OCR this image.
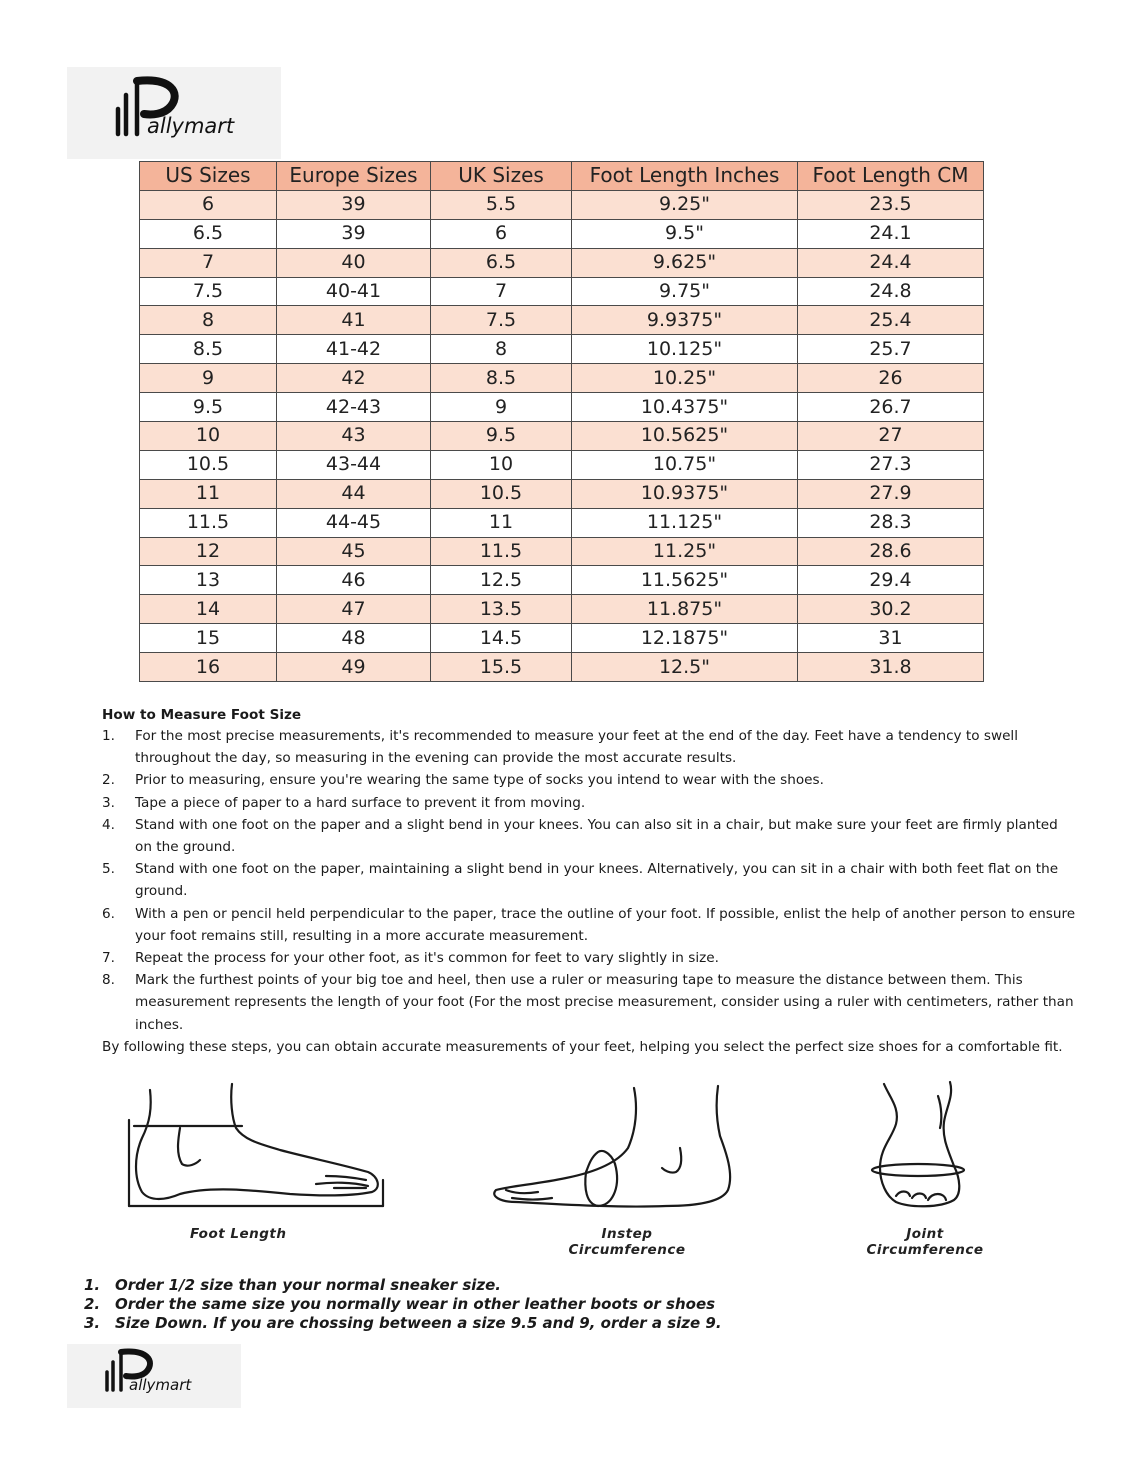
allymart
US Sizes	Europe Sizes	UK Sizes	Foot Length Inches	Foot Length CM
6	39	5.5	9.25"	23.5
6.5	39	6	9.5"	24.1
7	40	6.5	9.625"	24.4
7.5	40-41	7	9.75"	24.8
8	41	7.5	9.9375"	25.4
8.5	41-42	8	10.125"	25.7
9	42	8.5	10.25"	26
9.5	42-43	9	10.4375"	26.7
10	43	9.5	10.5625"	27
10.5	43-44	10	10.75"	27.3
11	44	10.5	10.9375"	27.9
11.5	44-45	11	11.125"	28.3
12	45	11.5	11.25"	28.6
13	46	12.5	11.5625"	29.4
14	47	13.5	11.875"	30.2
15	48	14.5	12.1875"	31
16	49	15.5	12.5"	31.8
How to Measure Foot Size
1. For the most precise measurements, it's recommended to measure your feet at the end of the day. Feet have a tendency to swell throughout the day, so measuring in the evening can provide the most accurate results.
2. Prior to measuring, ensure you're wearing the same type of socks you intend to wear with the shoes.
3. Tape a piece of paper to a hard surface to prevent it from moving.
4. Stand with one foot on the paper and a slight bend in your knees. You can also sit in a chair, but make sure your feet are firmly planted on the ground.
5. Stand with one foot on the paper, maintaining a slight bend in your knees. Alternatively, you can sit in a chair with both feet flat on the ground.
6. With a pen or pencil held perpendicular to the paper, trace the outline of your foot. If possible, enlist the help of another person to ensure your foot remains still, resulting in a more accurate measurement.
7. Repeat the process for your other foot, as it's common for feet to vary slightly in size.
8. Mark the furthest points of your big toe and heel, then use a ruler or measuring tape to measure the distance between them. This measurement represents the length of your foot (For the most precise measurement, consider using a ruler with centimeters, rather than inches.

By following these steps, you can obtain accurate measurements of your feet, helping you select the perfect size shoes for a comfortable fit.

Foot Length	Instep
Circumference
Joint
Circumference
1. Order 1/2 size than your normal sneaker size.
2. Order the same size you normally wear in other leather boots or shoes
3. Size Down. If you are chossing between a size 9.5 and 9, order a size 9.
allymart
